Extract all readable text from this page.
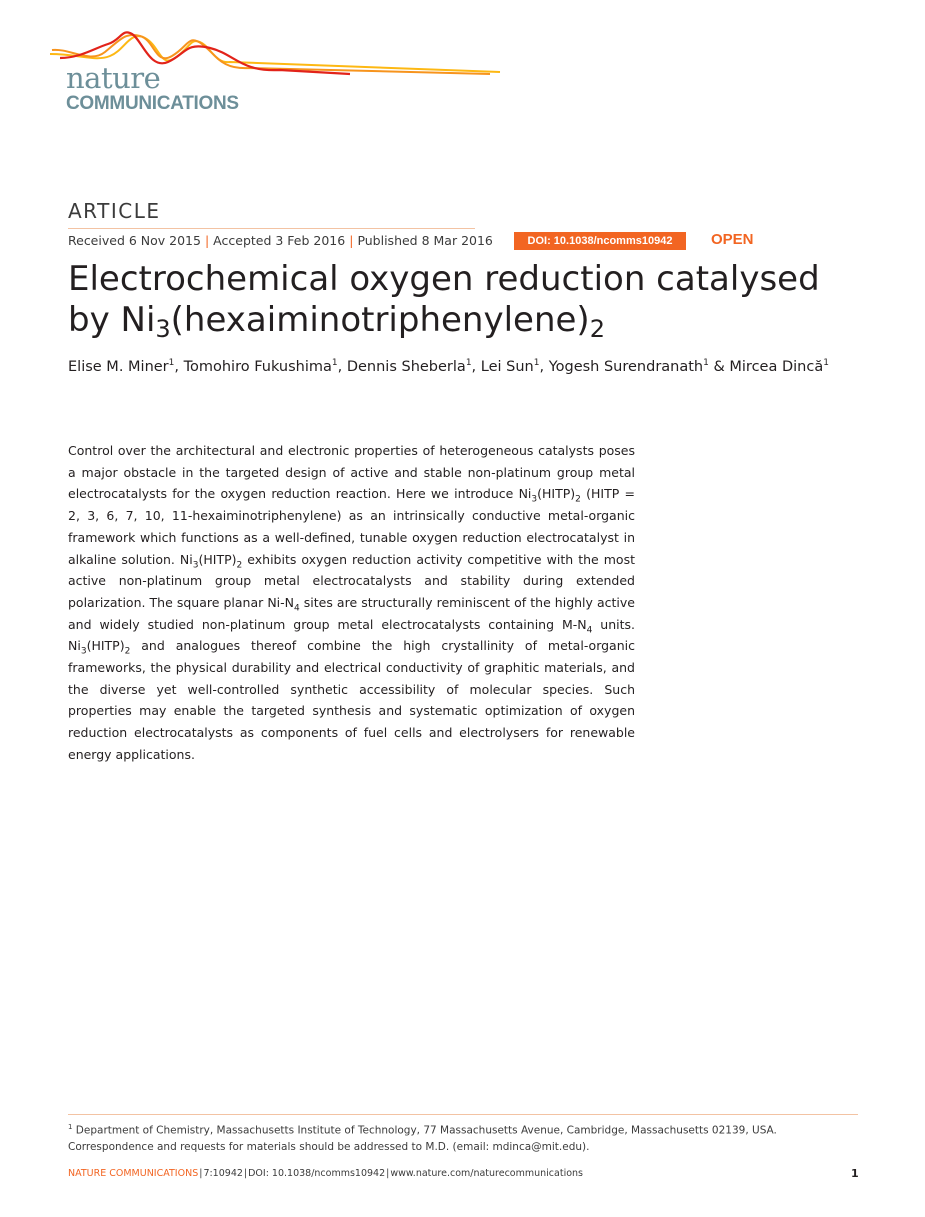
nature
COMMUNICATIONS
ARTICLE
Received 6 Nov 2015 | Accepted 3 Feb 2016 | Published 8 Mar 2016	DOI: 10.1038/ncomms10942	OPEN
Electrochemical oxygen reduction catalysed
by Ni3(hexaiminotriphenylene)2
Elise M. Miner$^1$, Tomohiro Fukushima$^1$, Dennis Sheberla$^1$, Lei Sun$^1$, Yogesh Surendranath$^1$ & Mircea Dincă$^1$
Control over the architectural and electronic properties of heterogeneous catalysts poses a major obstacle in the targeted design of active and stable non-platinum group metal electrocatalysts for the oxygen reduction reaction. Here we introduce $Ni_3(HITP)_2$ (HITP = 2, 3, 6, 7, 10, 11-hexaiminotriphenylene) as an intrinsically conductive metal-organic framework which functions as a well-defined, tunable oxygen reduction electrocatalyst in alkaline solution. $Ni_3(HITP)_2$ exhibits oxygen reduction activity competitive with the most active non-platinum group metal electrocatalysts and stability during extended polarization. The square planar $Ni-N_4$ sites are structurally reminiscent of the highly active and widely studied non-platinum group metal electrocatalysts containing $M-N_4$ units. $Ni_3(HITP)_2$ and analogues thereof combine the high crystallinity of metal-organic frameworks, the physical durability and electrical conductivity of graphitic materials, and the diverse yet well-controlled synthetic accessibility of molecular species. Such properties may enable the targeted synthesis and systematic optimization of oxygen reduction electrocatalysts as components of fuel cells and electrolysers for renewable energy applications.
$^1$ Department of Chemistry, Massachusetts Institute of Technology, 77 Massachusetts Avenue, Cambridge, Massachusetts 02139, USA. Correspondence and requests for materials should be addressed to M.D. (email: mdinca@mit.edu).
NATURE COMMUNICATIONS|7:10942|DOI: 10.1038/ncomms10942|www.nature.com/naturecommunications	1
